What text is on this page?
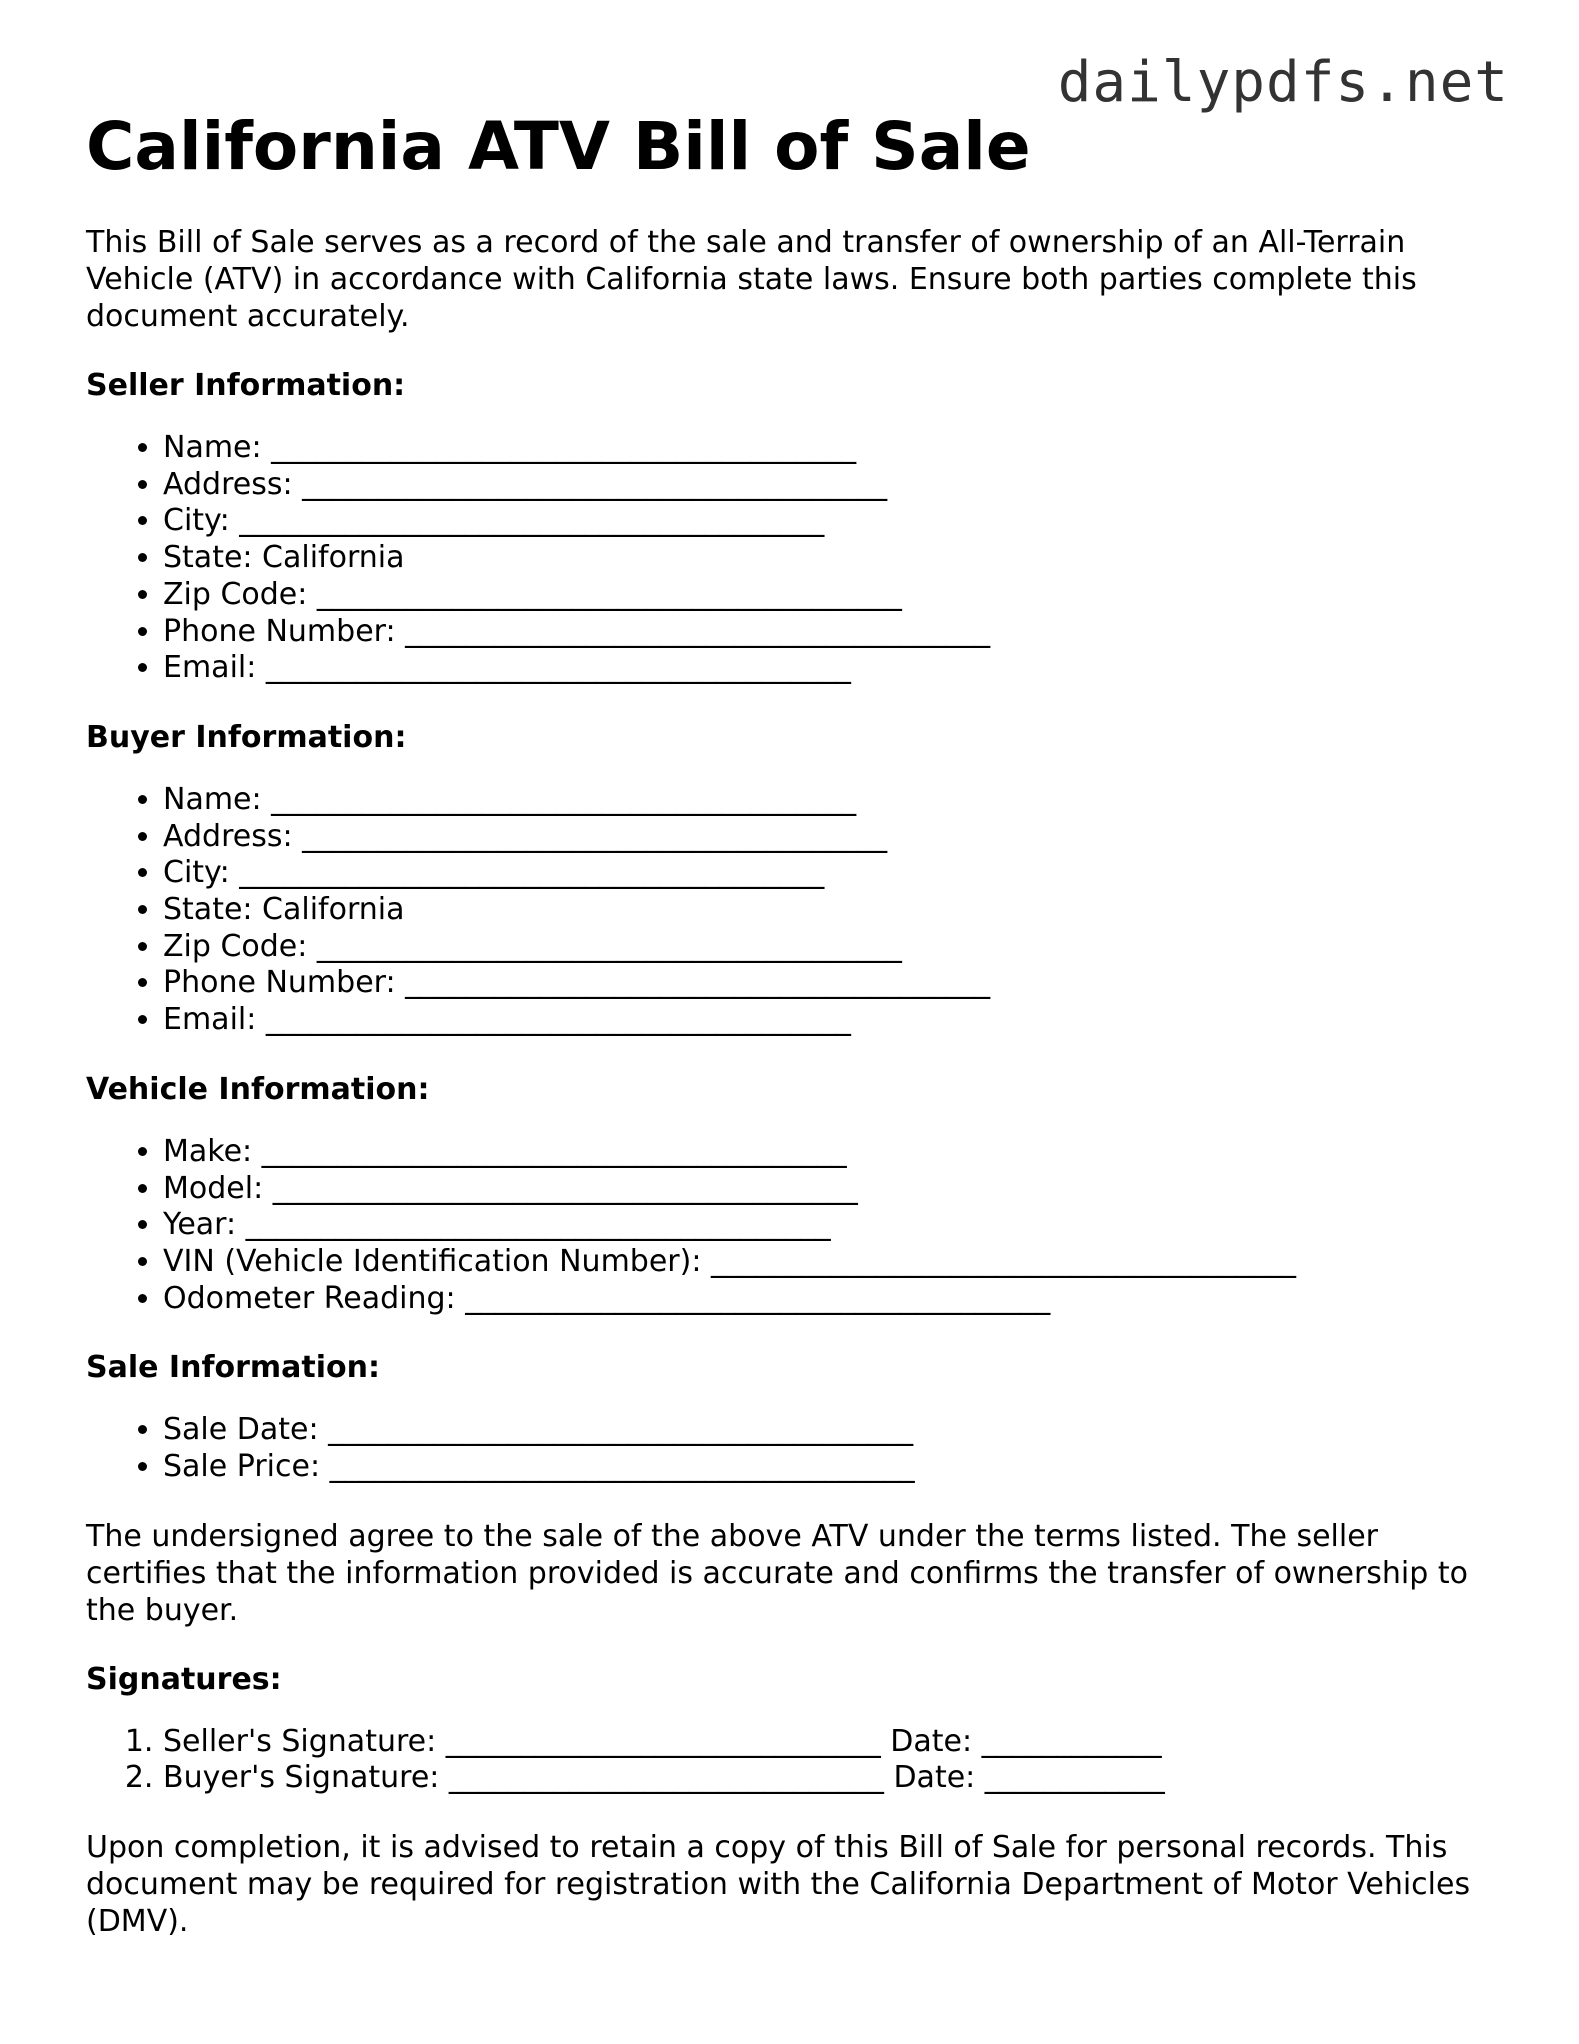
dailypdfs.net
California ATV Bill of Sale

This Bill of Sale serves as a record of the sale and transfer of ownership of an All-Terrain Vehicle (ATV) in accordance with California state laws. Ensure both parties complete this document accurately.

Seller Information:
• Name: _______________________________________
• Address: _______________________________________
• City: _______________________________________
• State: California
• Zip Code: _______________________________________
• Phone Number: _______________________________________
• Email: _______________________________________
Buyer Information:
• Name: _______________________________________
• Address: _______________________________________
• City: _______________________________________
• State: California
• Zip Code: _______________________________________
• Phone Number: _______________________________________
• Email: _______________________________________
Vehicle Information:
• Make: _______________________________________
• Model: _______________________________________
• Year: _______________________________________
• VIN (Vehicle Identification Number): _______________________________________
• Odometer Reading: _______________________________________
Sale Information:
• Sale Date: _______________________________________
• Sale Price: _______________________________________

The undersigned agree to the sale of the above ATV under the terms listed. The seller certifies that the information provided is accurate and confirms the transfer of ownership to the buyer.

Signatures:
1. Seller's Signature: _____________________________ Date: ____________
2. Buyer's Signature: _____________________________ Date: ____________

Upon completion, it is advised to retain a copy of this Bill of Sale for personal records. This document may be required for registration with the California Department of Motor Vehicles (DMV).
